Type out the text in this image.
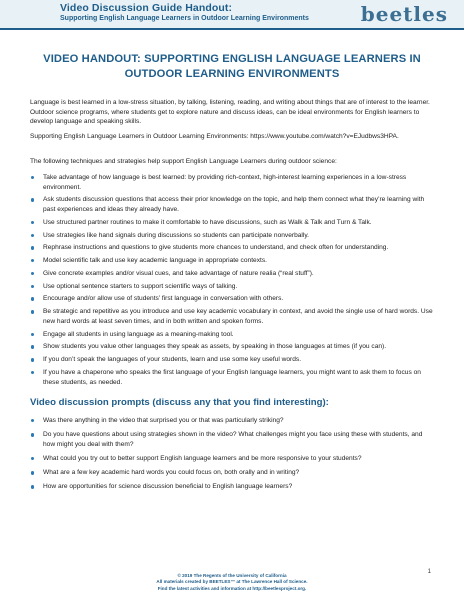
Video Discussion Guide Handout:
Supporting English Language Learners in Outdoor Learning Environments	beetles
VIDEO HANDOUT: SUPPORTING ENGLISH LANGUAGE LEARNERS IN
OUTDOOR LEARNING ENVIRONMENTS

Language is best learned in a low-stress situation, by talking, listening, reading, and writing about things that are of interest to the learner. Outdoor science programs, where students get to explore nature and discuss ideas, can be ideal environments for English learners to develop language and speaking skills.

Supporting English Language Learners in Outdoor Learning Environments: https://www.youtube.com/watch?v=EJudbws3HPA.

The following techniques and strategies help support English Language Learners during outdoor science:

Take advantage of how language is best learned: by providing rich-context, high-interest learning experiences in a low-stress environment.
Ask students discussion questions that access their prior knowledge on the topic, and help them connect what they’re learning with past experiences and ideas they already have.
Use structured partner routines to make it comfortable to have discussions, such as Walk & Talk and Turn & Talk.
Use strategies like hand signals during discussions so students can participate nonverbally.
Rephrase instructions and questions to give students more chances to understand, and check often for understanding.
Model scientific talk and use key academic language in appropriate contexts.
Give concrete examples and/or visual cues, and take advantage of nature realia (“real stuff”).
Use optional sentence starters to support scientific ways of talking.
Encourage and/or allow use of students’ first language in conversation with others.
Be strategic and repetitive as you introduce and use key academic vocabulary in context, and avoid the single use of hard words. Use new hard words at least seven times, and in both written and spoken forms.
Engage all students in using language as a meaning-making tool.
Show students you value other languages they speak as assets, by speaking in those languages at times (if you can).
If you don’t speak the languages of your students, learn and use some key useful words.
If you have a chaperone who speaks the first language of your English language learners, you might want to ask them to focus on these students, as needed.
Video discussion prompts (discuss any that you find interesting):
Was there anything in the video that surprised you or that was particularly striking?
Do you have questions about using strategies shown in the video? What challenges might you face using these with students, and how might you deal with them?
What could you try out to better support English language learners and be more responsive to your students?
What are a few key academic hard words you could focus on, both orally and in writing?
How are opportunities for science discussion beneficial to English language learners?
1
© 2019 The Regents of the University of California
All materials created by BEETLES™ at The Lawrence Hall of Science.
Find the latest activities and information at http://beetlesproject.org.
